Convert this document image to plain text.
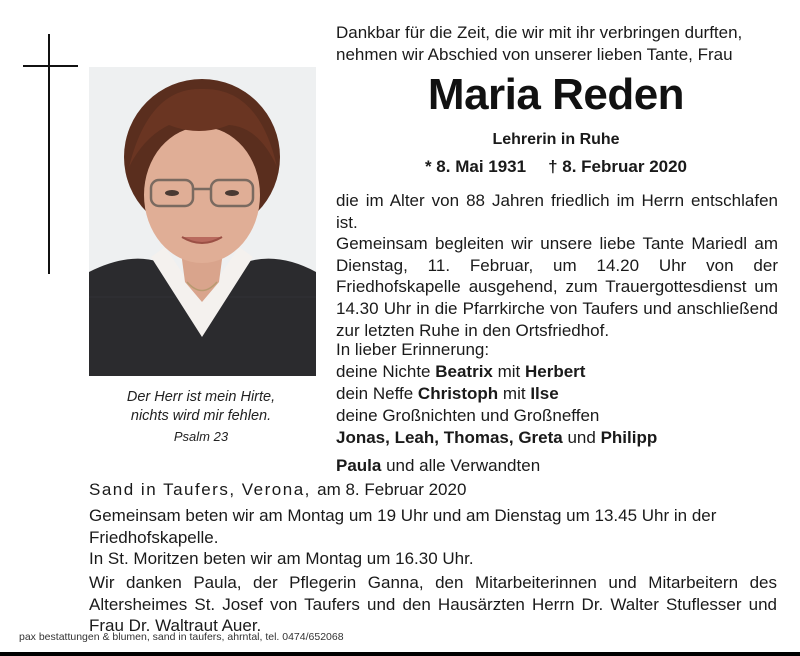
Der Herr ist mein Hirte,
nichts wird mir fehlen.
Psalm 23
Dankbar für die Zeit, die wir mit ihr verbringen durften,
nehmen wir Abschied von unserer lieben Tante, Frau
Maria Reden
Lehrerin in Ruhe
* 8. Mai 1931 † 8. Februar 2020

die im Alter von 88 Jahren friedlich im Herrn entschlafen ist.

Gemeinsam begleiten wir unsere liebe Tante Mariedl am Dienstag, 11. Februar, um 14.20 Uhr von der Friedhofskapelle ausgehend, zum Trauergottesdienst um 14.30 Uhr in die Pfarrkirche von Taufers und anschließend zur letzten Ruhe in den Ortsfriedhof.

In lieber Erinnerung:
deine Nichte Beatrix mit Herbert
dein Neffe Christoph mit Ilse
deine Großnichten und Großneffen
Jonas, Leah, Thomas, Greta und Philipp
Paula und alle Verwandten
Sand in Taufers, Verona, am 8. Februar 2020

Gemeinsam beten wir am Montag um 19 Uhr und am Dienstag um 13.45 Uhr in der Friedhofskapelle.

In St. Moritzen beten wir am Montag um 16.30 Uhr.

Wir danken Paula, der Pflegerin Ganna, den Mitarbeiterinnen und Mitarbeitern des Altersheimes St. Josef von Taufers und den Hausärzten Herrn Dr. Walter Stuflesser und Frau Dr. Waltraut Auer.

pax bestattungen & blumen, sand in taufers, ahrntal, tel. 0474/652068
